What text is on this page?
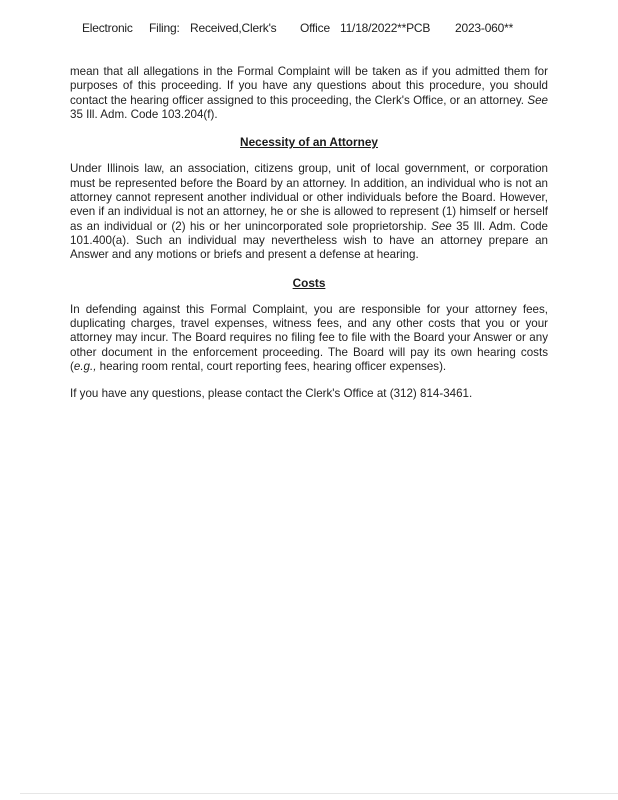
Electronic Filing: Received,Clerk's Office 11/18/2022**PCB 2023-060**

mean that all allegations in the Formal Complaint will be taken as if you admitted them for purposes of this proceeding. If you have any questions about this procedure, you should contact the hearing officer assigned to this proceeding, the Clerk's Office, or an attorney. See 35 Ill. Adm. Code 103.204(f).

Necessity of an Attorney

Under Illinois law, an association, citizens group, unit of local government, or corporation must be represented before the Board by an attorney. In addition, an individual who is not an attorney cannot represent another individual or other individuals before the Board. However, even if an individual is not an attorney, he or she is allowed to represent (1) himself or herself as an individual or (2) his or her unincorporated sole proprietorship. See 35 Ill. Adm. Code 101.400(a). Such an individual may nevertheless wish to have an attorney prepare an Answer and any motions or briefs and present a defense at hearing.

Costs

In defending against this Formal Complaint, you are responsible for your attorney fees, duplicating charges, travel expenses, witness fees, and any other costs that you or your attorney may incur. The Board requires no filing fee to file with the Board your Answer or any other document in the enforcement proceeding. The Board will pay its own hearing costs (e.g., hearing room rental, court reporting fees, hearing officer expenses).

If you have any questions, please contact the Clerk's Office at (312) 814-3461.
